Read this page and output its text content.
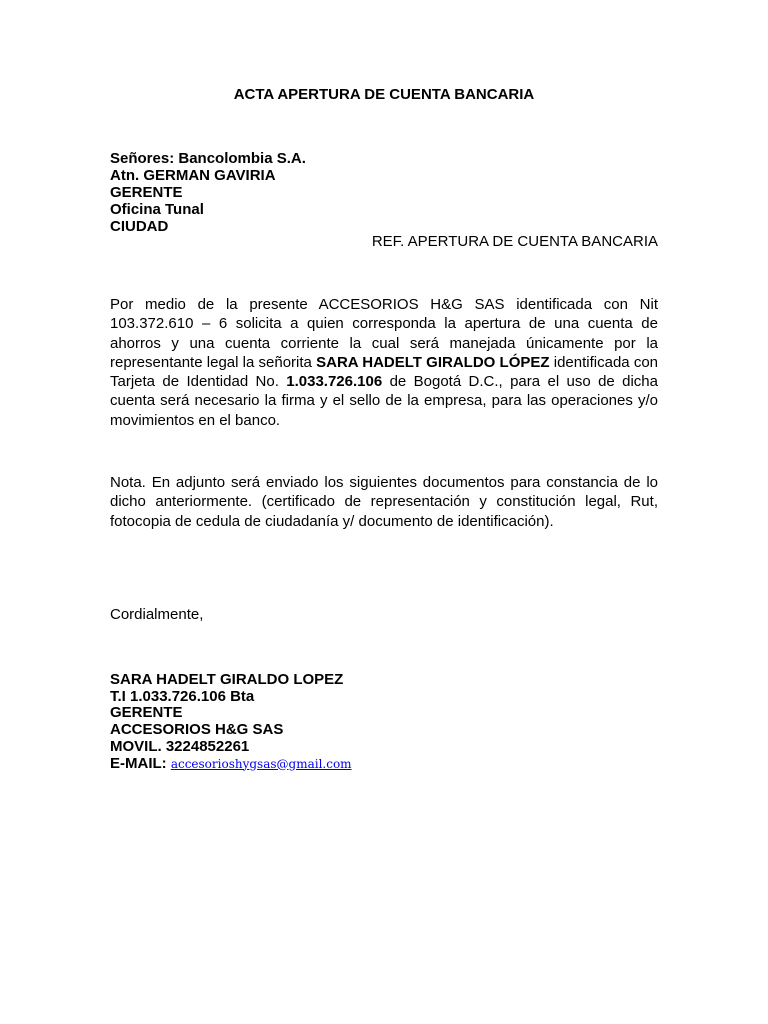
ACTA APERTURA DE CUENTA BANCARIA
Señores: Bancolombia S.A.
Atn. GERMAN GAVIRIA
GERENTE
Oficina Tunal
CIUDAD
REF. APERTURA DE CUENTA BANCARIA
Por medio de la presente ACCESORIOS H&G SAS identificada con Nit 103.372.610 – 6 solicita a quien corresponda la apertura de una cuenta de ahorros y una cuenta corriente la cual será manejada únicamente por la representante legal la señorita SARA HADELT GIRALDO LÓPEZ identificada con Tarjeta de Identidad No. 1.033.726.106 de Bogotá D.C., para el uso de dicha cuenta será necesario la firma y el sello de la empresa, para las operaciones y/o movimientos en el banco.
Nota. En adjunto será enviado los siguientes documentos para constancia de lo dicho anteriormente. (certificado de representación y constitución legal, Rut, fotocopia de cedula de ciudadanía y/ documento de identificación).
Cordialmente,
SARA HADELT GIRALDO LOPEZ
T.I 1.033.726.106 Bta
GERENTE
ACCESORIOS H&G SAS
MOVIL. 3224852261
E-MAIL: accesorioshygsas@gmail.com
